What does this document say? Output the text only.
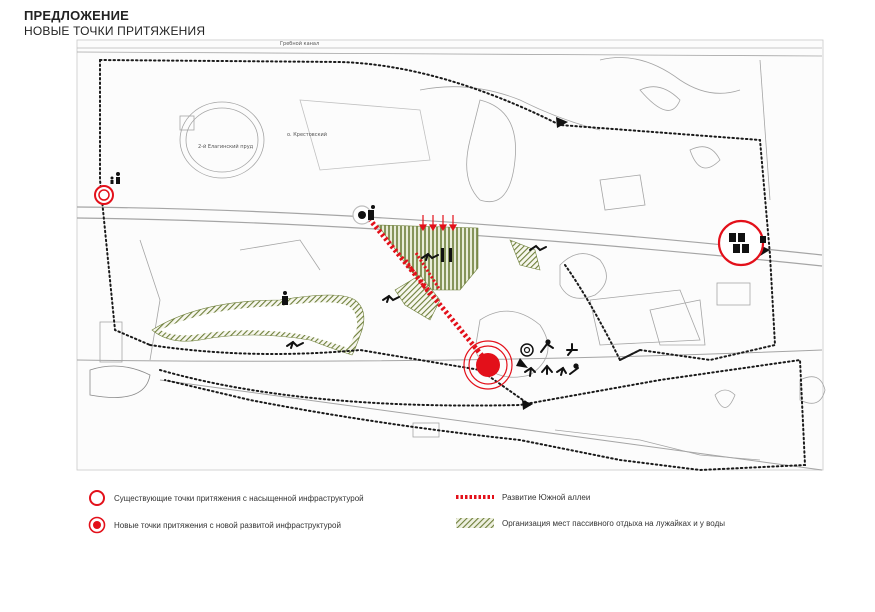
ПРЕДЛОЖЕНИЕ
НОВЫЕ ТОЧКИ ПРИТЯЖЕНИЯ
Гребной канал
о. Крестовский
2-й Елагинский пруд
Существующие точки притяжения с насыщенной инфраструктурой
Новые точки притяжения с новой развитой инфраструктурой
Развитие Южной аллеи
Организация мест пассивного отдыха на лужайках и у воды
